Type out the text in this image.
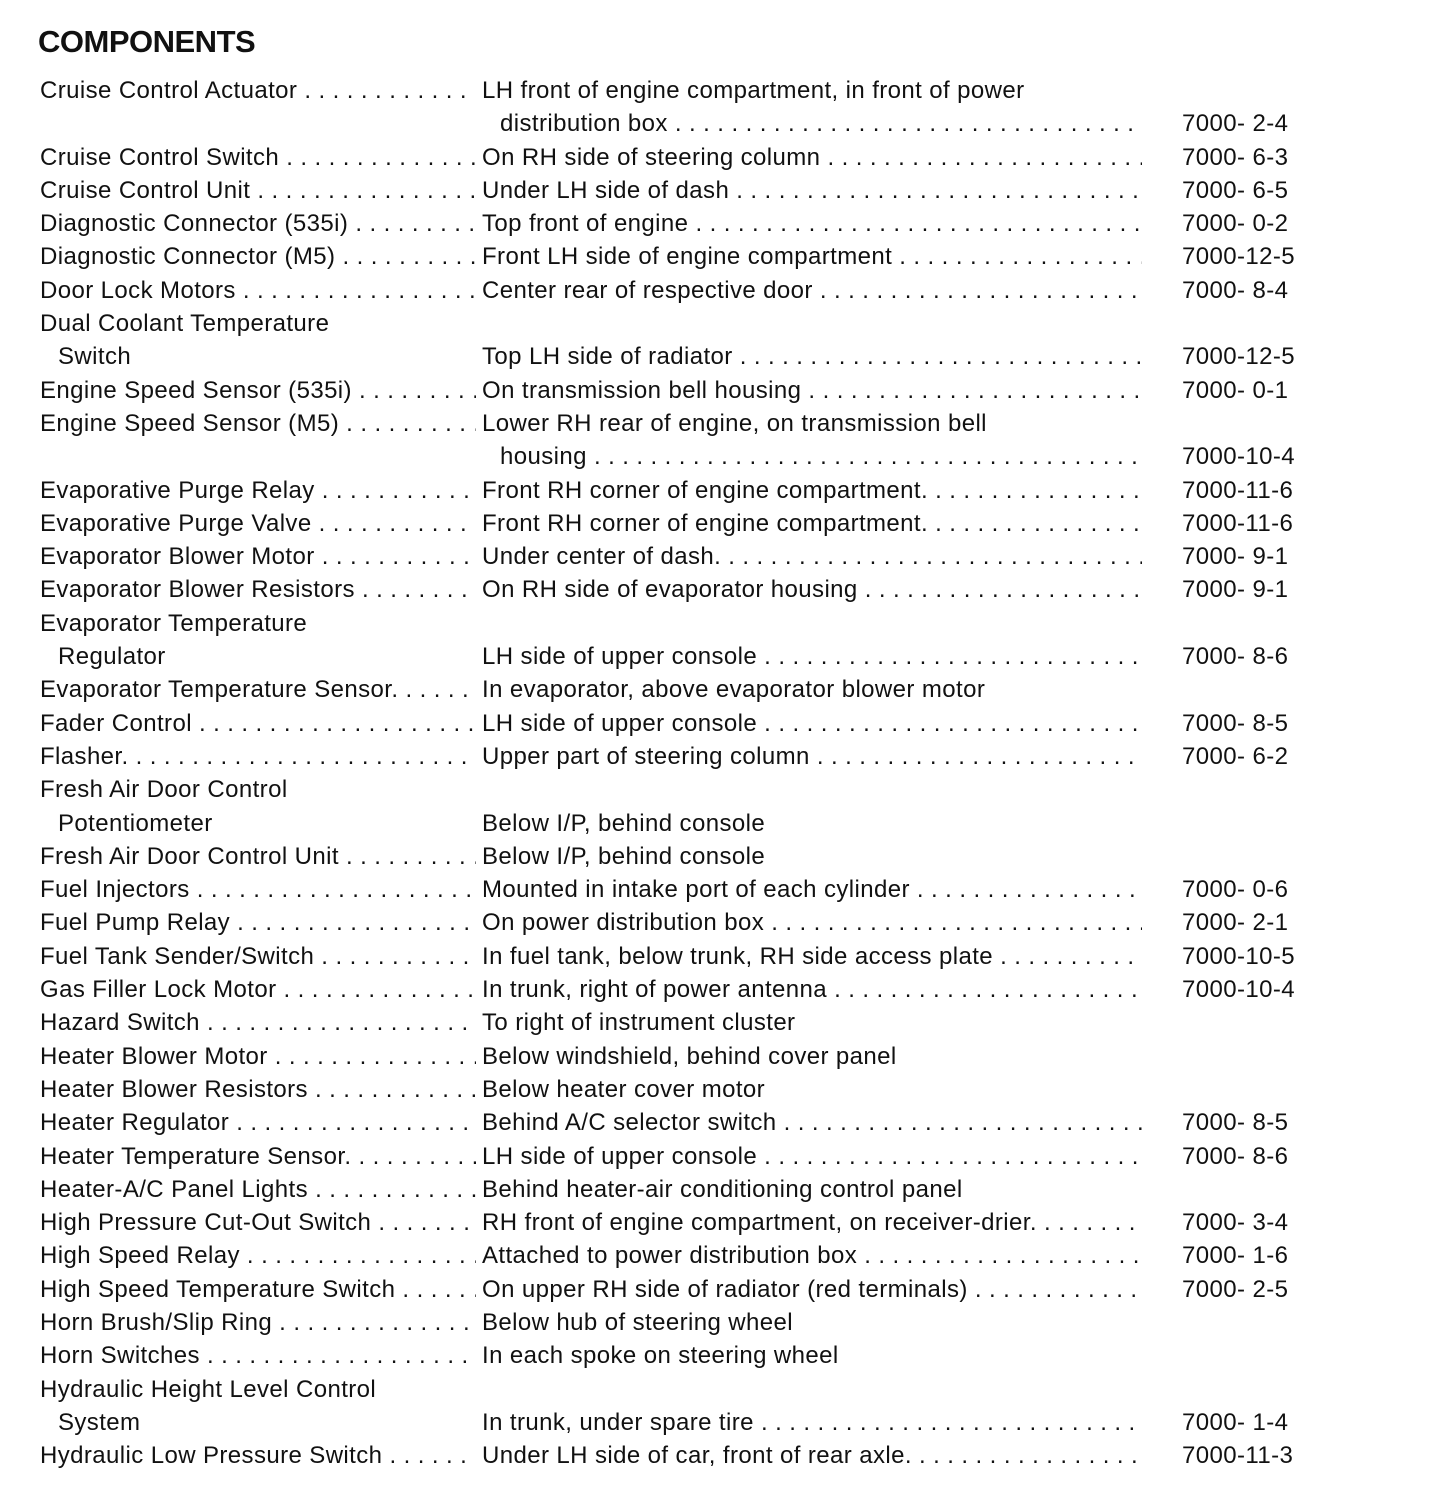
COMPONENTS
Cruise Control Actuator . . .	LH front of engine compartment, in front of power
distribution box . . .	7000- 2-4
Cruise Control Switch . . .	On RH side of steering column . . .	7000- 6-3
Cruise Control Unit . . .	Under LH side of dash . . .	7000- 6-5
Diagnostic Connector (535i) . . .	Top front of engine . . .	7000- 0-2
Diagnostic Connector (M5) . . .	Front LH side of engine compartment . . .	7000-12-5
Door Lock Motors . . .	Center rear of respective door . . .	7000- 8-4
Dual Coolant Temperature
Switch	Top LH side of radiator . . .	7000-12-5
Engine Speed Sensor (535i) . . .	On transmission bell housing . . .	7000- 0-1
Engine Speed Sensor (M5) . . .	Lower RH rear of engine, on transmission bell
housing . . .	7000-10-4
Evaporative Purge Relay . . .	Front RH corner of engine compartment. . . .	7000-11-6
Evaporative Purge Valve . . .	Front RH corner of engine compartment. . . .	7000-11-6
Evaporator Blower Motor . . .	Under center of dash. . . .	7000- 9-1
Evaporator Blower Resistors . . .	On RH side of evaporator housing . . .	7000- 9-1
Evaporator Temperature
Regulator	LH side of upper console . . .	7000- 8-6
Evaporator Temperature Sensor. . . .	In evaporator, above evaporator blower motor
Fader Control . . .	LH side of upper console . . .	7000- 8-5
Flasher. . . .	Upper part of steering column . . .	7000- 6-2
Fresh Air Door Control
Potentiometer	Below I/P, behind console
Fresh Air Door Control Unit . . .	Below I/P, behind console
Fuel Injectors . . .	Mounted in intake port of each cylinder . . .	7000- 0-6
Fuel Pump Relay . . .	On power distribution box . . .	7000- 2-1
Fuel Tank Sender/Switch . . .	In fuel tank, below trunk, RH side access plate . . .	7000-10-5
Gas Filler Lock Motor . . .	In trunk, right of power antenna . . .	7000-10-4
Hazard Switch . . .	To right of instrument cluster
Heater Blower Motor . . .	Below windshield, behind cover panel
Heater Blower Resistors . . .	Below heater cover motor
Heater Regulator . . .	Behind A/C selector switch . . .	7000- 8-5
Heater Temperature Sensor. . . .	LH side of upper console . . .	7000- 8-6
Heater-A/C Panel Lights . . .	Behind heater-air conditioning control panel
High Pressure Cut-Out Switch . . .	RH front of engine compartment, on receiver-drier. . . .	7000- 3-4
High Speed Relay . . .	Attached to power distribution box . . .	7000- 1-6
High Speed Temperature Switch . . .	On upper RH side of radiator (red terminals) . . .	7000- 2-5
Horn Brush/Slip Ring . . .	Below hub of steering wheel
Horn Switches . . .	In each spoke on steering wheel
Hydraulic Height Level Control
System	In trunk, under spare tire . . .	7000- 1-4
Hydraulic Low Pressure Switch . . .	Under LH side of car, front of rear axle. . . .	7000-11-3
